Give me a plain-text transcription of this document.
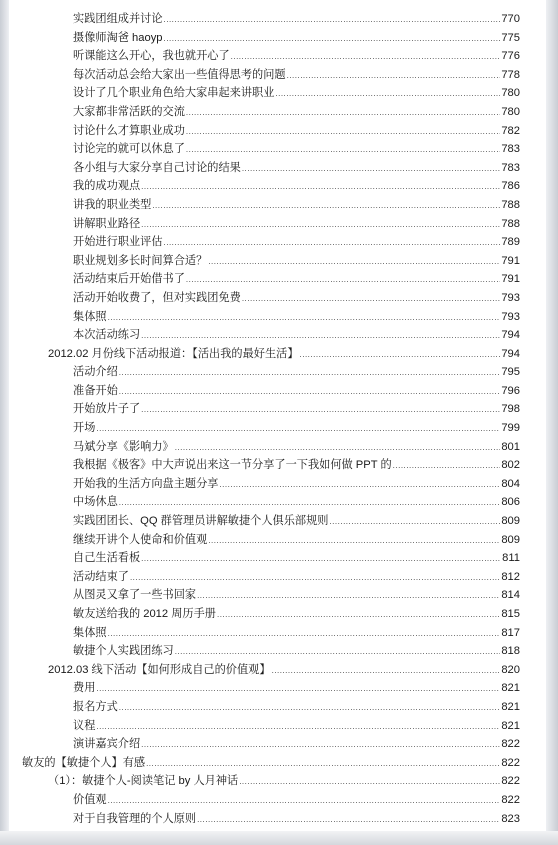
实践团组成并讨论 .....	770
摄像师淘爸 haoyp .....	775
听课能这么开心，我也就开心了 .....	776
每次活动总会给大家出一些值得思考的问题 .....	778
设计了几个职业角色给大家串起来讲职业 .....	780
大家都非常活跃的交流 .....	780
讨论什么才算职业成功 .....	782
讨论完的就可以休息了 .....	783
各小组与大家分享自己讨论的结果 .....	783
我的成功观点 .....	786
讲我的职业类型 .....	788
讲解职业路径 .....	788
开始进行职业评估 .....	789
职业规划多长时间算合适？ .....	791
活动结束后开始借书了 .....	791
活动开始收费了，但对实践团免费 .....	793
集体照 .....	793
本次活动练习 .....	794
2012.02 月份线下活动报道：【活出我的最好生活】 .....	794
活动介绍 .....	795
准备开始 .....	796
开始放片子了 .....	798
开场 .....	799
马斌分享《影响力》 .....	801
我根据《极客》中大声说出来这一节分享了一下我如何做 PPT 的 .....	802
开始我的生活方向盘主题分享 .....	804
中场休息 .....	806
实践团团长、QQ 群管理员讲解敏捷个人俱乐部规则 .....	809
继续开讲个人使命和价值观 .....	809
自己生活看板 .....	811
活动结束了 .....	812
从图灵又拿了一些书回家 .....	814
敏友送给我的 2012 周历手册 .....	815
集体照 .....	817
敏捷个人实践团练习 .....	818
2012.03 线下活动【如何形成自己的价值观】 .....	820
费用 .....	821
报名方式 .....	821
议程 .....	821
演讲嘉宾介绍 .....	822
敏友的【敏捷个人】有感 .....	822
（1）：敏捷个人-阅读笔记 by 人月神话 .....	822
价值观 .....	822
对于自我管理的个人原则 .....	823
